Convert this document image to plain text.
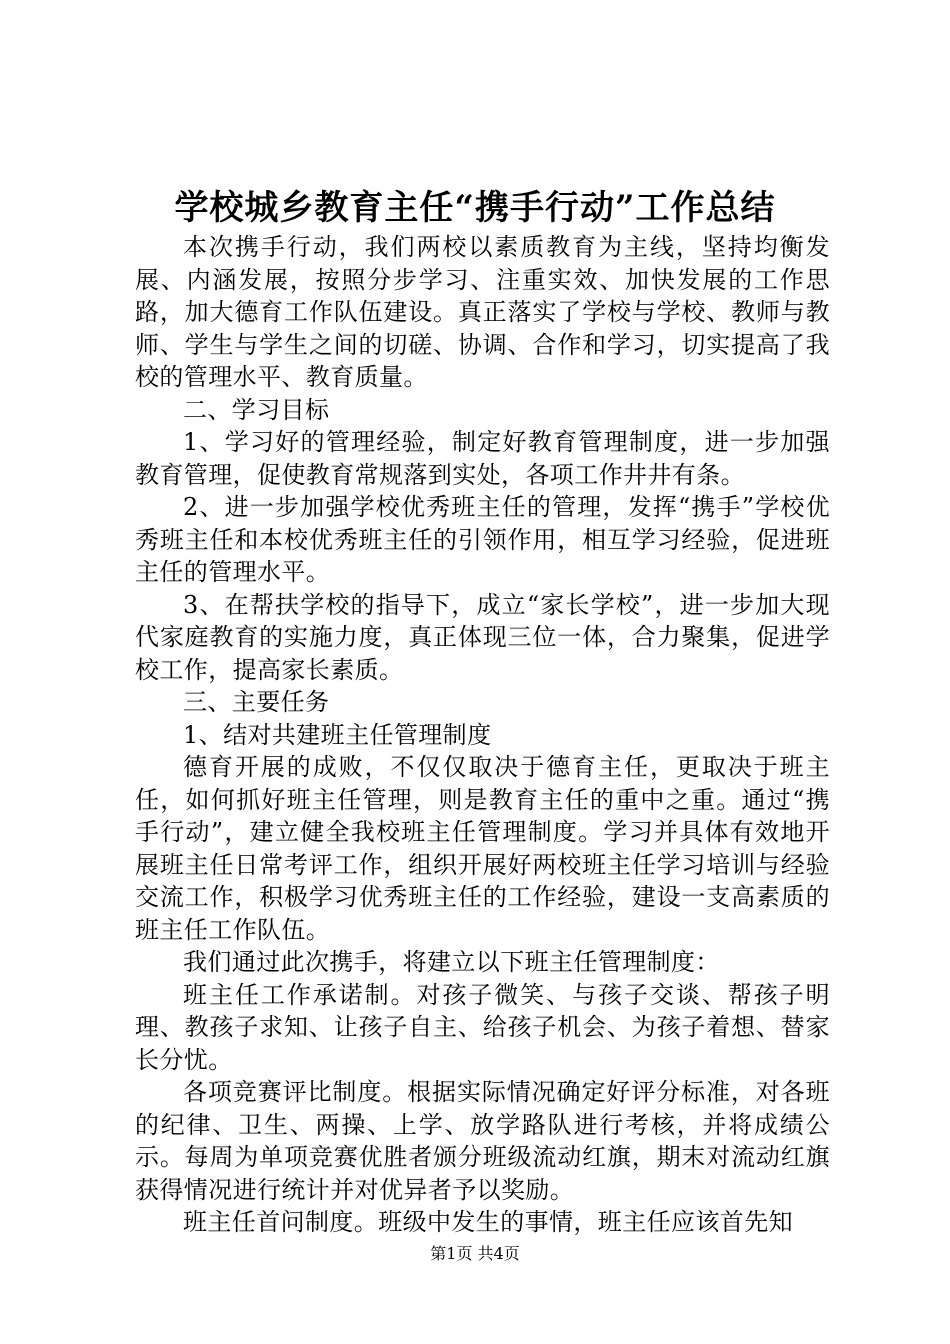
学校城乡教育主任“携手行动”工作总结

本次携手行动，我们两校以素质教育为主线，坚持均衡发展、内涵发展，按照分步学习、注重实效、加快发展的工作思路，加大德育工作队伍建设。真正落实了学校与学校、教师与教师、学生与学生之间的切磋、协调、合作和学习，切实提高了我校的管理水平、教育质量。

二、学习目标

1、学习好的管理经验，制定好教育管理制度，进一步加强教育管理，促使教育常规落到实处，各项工作井井有条。

2、进一步加强学校优秀班主任的管理，发挥“携手”学校优秀班主任和本校优秀班主任的引领作用，相互学习经验，促进班主任的管理水平。

3、在帮扶学校的指导下，成立“家长学校”，进一步加大现代家庭教育的实施力度，真正体现三位一体，合力聚集，促进学校工作，提高家长素质。

三、主要任务

1、结对共建班主任管理制度

德育开展的成败，不仅仅取决于德育主任，更取决于班主任，如何抓好班主任管理，则是教育主任的重中之重。通过“携手行动”，建立健全我校班主任管理制度。学习并具体有效地开展班主任日常考评工作，组织开展好两校班主任学习培训与经验交流工作，积极学习优秀班主任的工作经验，建设一支高素质的班主任工作队伍。

我们通过此次携手，将建立以下班主任管理制度：

班主任工作承诺制。对孩子微笑、与孩子交谈、帮孩子明理、教孩子求知、让孩子自主、给孩子机会、为孩子着想、替家长分忧。

各项竞赛评比制度。根据实际情况确定好评分标准，对各班的纪律、卫生、两操、上学、放学路队进行考核，并将成绩公示。每周为单项竞赛优胜者颁分班级流动红旗，期末对流动红旗获得情况进行统计并对优异者予以奖励。

班主任首问制度。班级中发生的事情，班主任应该首先知

第1页 共4页
